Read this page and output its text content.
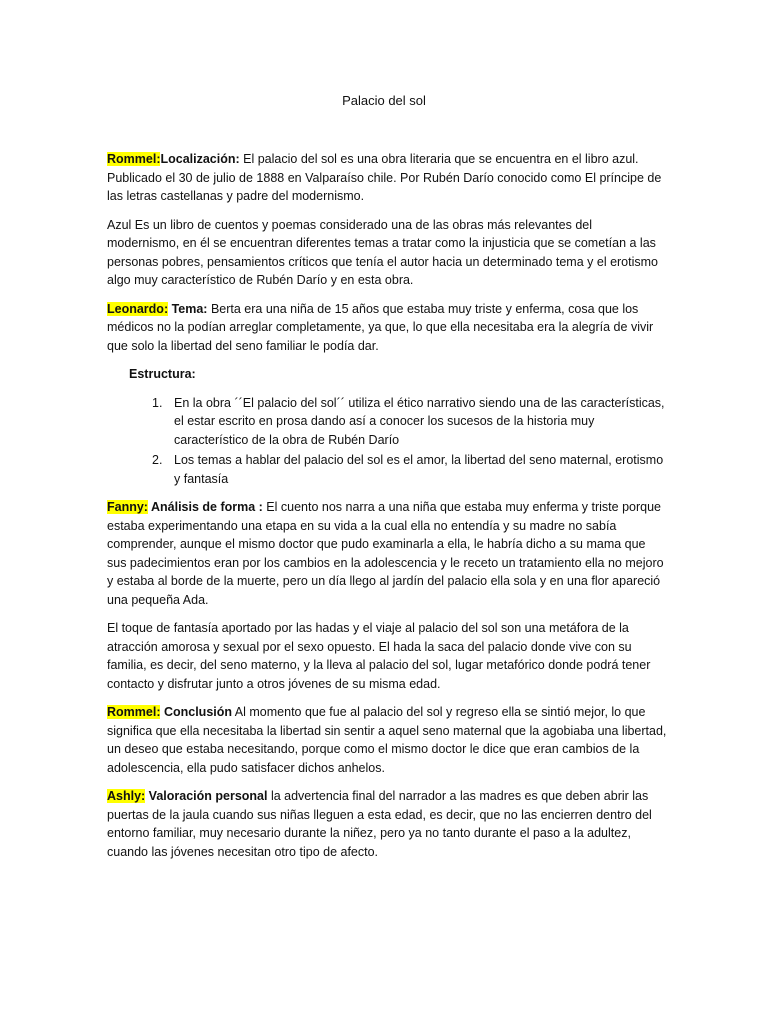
Palacio del sol

Rommel:Localización: El palacio del sol es una obra literaria que se encuentra en el libro azul. Publicado el 30 de julio de 1888 en Valparaíso chile. Por Rubén Darío conocido como El príncipe de las letras castellanas y padre del modernismo.

Azul Es un libro de cuentos y poemas considerado una de las obras más relevantes del modernismo, en él se encuentran diferentes temas a tratar como la injusticia que se cometían a las personas pobres, pensamientos críticos que tenía el autor hacia un determinado tema y el erotismo algo muy característico de Rubén Darío y en esta obra.

Leonardo: Tema: Berta era una niña de 15 años que estaba muy triste y enferma, cosa que los médicos no la podían arreglar completamente, ya que, lo que ella necesitaba era la alegría de vivir que solo la libertad del seno familiar le podía dar.

Estructura:

1. En la obra ´´El palacio del sol´´ utiliza el ético narrativo siendo una de las características, el estar escrito en prosa dando así a conocer los sucesos de la historia muy característico de la obra de Rubén Darío
2. Los temas a hablar del palacio del sol es el amor, la libertad del seno maternal, erotismo y fantasía

Fanny: Análisis de forma : El cuento nos narra a una niña que estaba muy enferma y triste porque estaba experimentando una etapa en su vida a la cual ella no entendía y su madre no sabía comprender, aunque el mismo doctor que pudo examinarla a ella, le habría dicho a su mama que sus padecimientos eran por los cambios en la adolescencia y le receto un tratamiento ella no mejoro y estaba al borde de la muerte, pero un día llego al jardín del palacio ella sola y en una flor apareció una pequeña Ada.

El toque de fantasía aportado por las hadas y el viaje al palacio del sol son una metáfora de la atracción amorosa y sexual por el sexo opuesto. El hada la saca del palacio donde vive con su familia, es decir, del seno materno, y la lleva al palacio del sol, lugar metafórico donde podrá tener contacto y disfrutar junto a otros jóvenes de su misma edad.

Rommel: Conclusión Al momento que fue al palacio del sol y regreso ella se sintió mejor, lo que significa que ella necesitaba la libertad sin sentir a aquel seno maternal que la agobiaba una libertad, un deseo que estaba necesitando, porque como el mismo doctor le dice que eran cambios de la adolescencia, ella pudo satisfacer dichos anhelos.

Ashly: Valoración personal la advertencia final del narrador a las madres es que deben abrir las puertas de la jaula cuando sus niñas lleguen a esta edad, es decir, que no las encierren dentro del entorno familiar, muy necesario durante la niñez, pero ya no tanto durante el paso a la adultez, cuando las jóvenes necesitan otro tipo de afecto.
